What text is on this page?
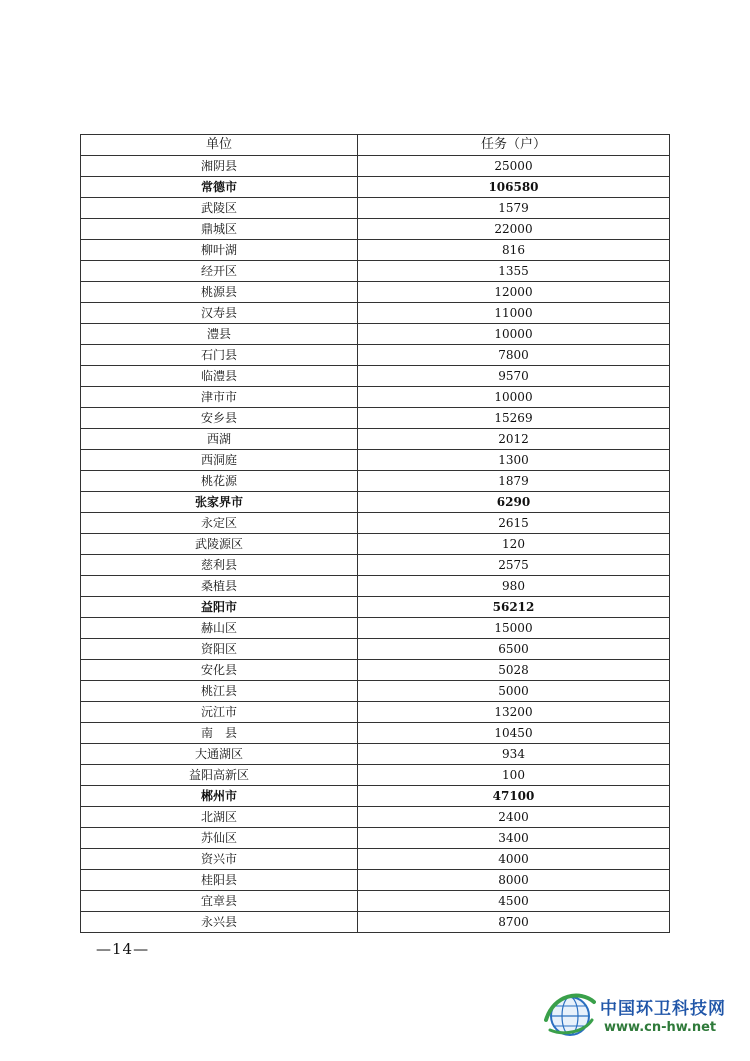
单位	任务（户）
湘阴县	25000
常德市	106580
武陵区	1579
鼎城区	22000
柳叶湖	816
经开区	1355
桃源县	12000
汉寿县	11000
澧县	10000
石门县	7800
临澧县	9570
津市市	10000
安乡县	15269
西湖	2012
西洞庭	1300
桃花源	1879
张家界市	6290
永定区	2615
武陵源区	120
慈利县	2575
桑植县	980
益阳市	56212
赫山区	15000
资阳区	6500
安化县	5028
桃江县	5000
沅江市	13200
南　县	10450
大通湖区	934
益阳高新区	100
郴州市	47100
北湖区	2400
苏仙区	3400
资兴市	4000
桂阳县	8000
宜章县	4500
永兴县	8700
—14—
中国环卫科技网
www.cn-hw.net
